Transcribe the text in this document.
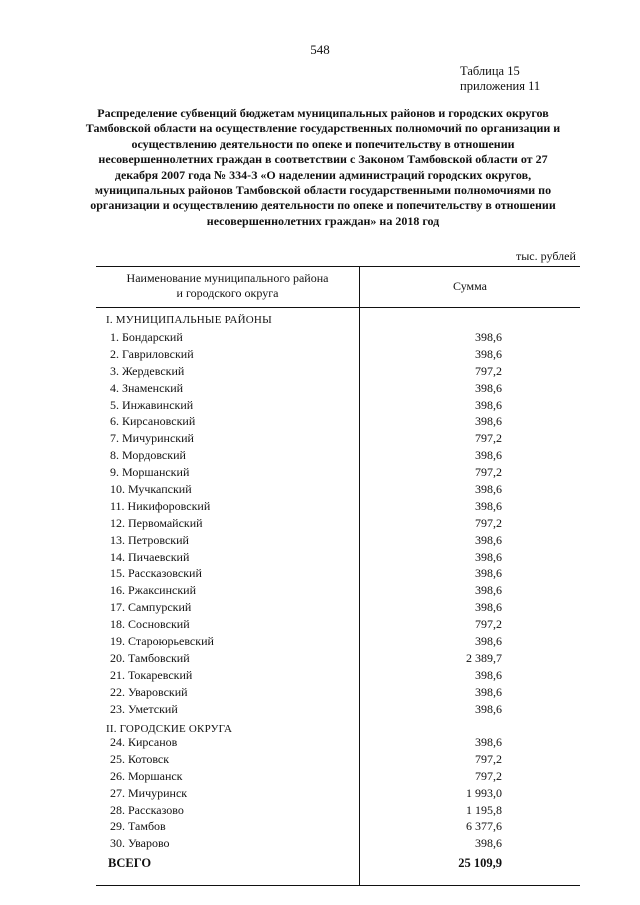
548
Таблица 15
приложения 11
Распределение субвенций бюджетам муниципальных районов и городских округов Тамбовской области на осуществление государственных полномочий по организации и осуществлению деятельности по опеке и попечительству в отношении несовершеннолетних граждан в соответствии с Законом Тамбовской области от 27 декабря 2007 года № 334-З «О наделении администраций городских округов, муниципальных районов Тамбовской области государственными полномочиями по организации и осуществлению деятельности по опеке и попечительству в отношении несовершеннолетних граждан» на 2018 год
тыс. рублей
Наименование муниципального района
и городского округа	Сумма
I. МУНИЦИПАЛЬНЫЕ РАЙОНЫ
1. Бондарский	398,6
2. Гавриловский	398,6
3. Жердевский	797,2
4. Знаменский	398,6
5. Инжавинский	398,6
6. Кирсановский	398,6
7. Мичуринский	797,2
8. Мордовский	398,6
9. Моршанский	797,2
10. Мучкапский	398,6
11. Никифоровский	398,6
12. Первомайский	797,2
13. Петровский	398,6
14. Пичаевский	398,6
15. Рассказовский	398,6
16. Ржаксинский	398,6
17. Сампурский	398,6
18. Сосновский	797,2
19. Староюрьевский	398,6
20. Тамбовский	2 389,7
21. Токаревский	398,6
22. Уваровский	398,6
23. Уметский	398,6
II. ГОРОДСКИЕ ОКРУГА
24. Кирсанов	398,6
25. Котовск	797,2
26. Моршанск	797,2
27. Мичуринск	1 993,0
28. Рассказово	1 195,8
29. Тамбов	6 377,6
30. Уварово	398,6
ВСЕГО	25 109,9
